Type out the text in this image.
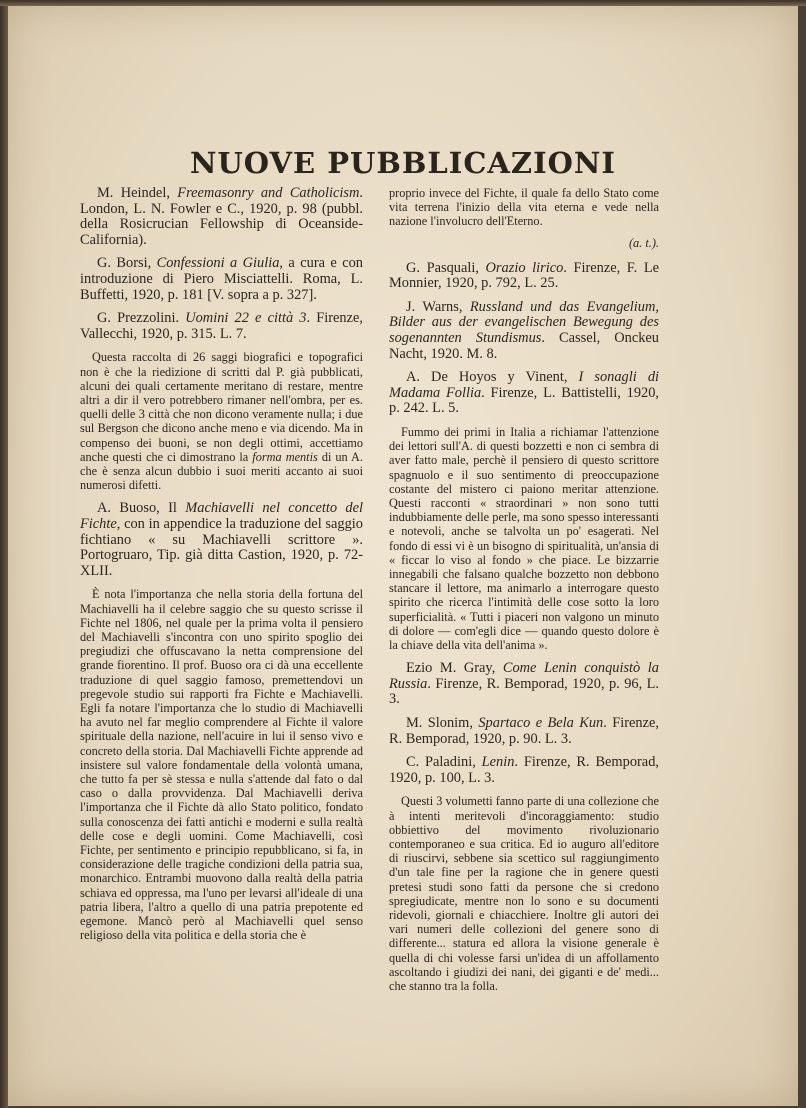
NUOVE PUBBLICAZIONI

M. Heindel, Freemasonry and Catholicism. London, L. N. Fowler e C., 1920, p. 98 (pubbl. della Rosicrucian Fellowship di Oceanside-California).

G. Borsi, Confessioni a Giulia, a cura e con introduzione di Piero Misciattelli. Roma, L. Buffetti, 1920, p. 181 [V. sopra a p. 327].

G. Prezzolini. Uomini 22 e città 3. Firenze, Vallecchi, 1920, p. 315. L. 7.

Questa raccolta di 26 saggi biografici e topografici non è che la riedizione di scritti dal P. già pubblicati, alcuni dei quali certamente meritano di restare, mentre altri a dir il vero potrebbero rimaner nell'ombra, per es. quelli delle 3 città che non dicono veramente nulla; i due sul Bergson che dicono anche meno e via dicendo. Ma in compenso dei buoni, se non degli ottimi, accettiamo anche questi che ci dimostrano la forma mentis di un A. che è senza alcun dubbio i suoi meriti accanto ai suoi numerosi difetti.

A. Buoso, Il Machiavelli nel concetto del Fichte, con in appendice la traduzione del saggio fichtiano « su Machiavelli scrittore ». Portogruaro, Tip. già ditta Castion, 1920, p. 72-XLII.

È nota l'importanza che nella storia della fortuna del Machiavelli ha il celebre saggio che su questo scrisse il Fichte nel 1806, nel quale per la prima volta il pensiero del Machiavelli s'incontra con uno spirito spoglio dei pregiudizi che offuscavano la netta comprensione del grande fiorentino. Il prof. Buoso ora ci dà una eccellente traduzione di quel saggio famoso, premettendovi un pregevole studio sui rapporti fra Fichte e Machiavelli. Egli fa notare l'importanza che lo studio di Machiavelli ha avuto nel far meglio comprendere al Fichte il valore spirituale della nazione, nell'acuire in lui il senso vivo e concreto della storia. Dal Machiavelli Fichte apprende ad insistere sul valore fondamentale della volontà umana, che tutto fa per sè stessa e nulla s'attende dal fato o dal caso o dalla provvidenza. Dal Machiavelli deriva l'importanza che il Fichte dà allo Stato politico, fondato sulla conoscenza dei fatti antichi e moderni e sulla realtà delle cose e degli uomini. Come Machiavelli, così Fichte, per sentimento e principio repubblicano, si fa, in considerazione delle tragiche condizioni della patria sua, monarchico. Entrambi muovono dalla realtà della patria schiava ed oppressa, ma l'uno per levarsi all'ideale di una patria libera, l'altro a quello di una patria prepotente ed egemone. Mancò però al Machiavelli quel senso religioso della vita politica e della storia che è

proprio invece del Fichte, il quale fa dello Stato come vita terrena l'inizio della vita eterna e vede nella nazione l'involucro dell'Eterno.

(a. t.).

G. Pasquali, Orazio lirico. Firenze, F. Le Monnier, 1920, p. 792, L. 25.

J. Warns, Russland und das Evangelium, Bilder aus der evangelischen Bewegung des sogenannten Stundismus. Cassel, Onckeu Nacht, 1920. M. 8.

A. De Hoyos y Vinent, I sonagli di Madama Follia. Firenze, L. Battistelli, 1920, p. 242. L. 5.

Fummo dei primi in Italia a richiamar l'attenzione dei lettori sull'A. di questi bozzetti e non ci sembra di aver fatto male, perchè il pensiero di questo scrittore spagnuolo e il suo sentimento di preoccupazione costante del mistero ci paiono meritar attenzione. Questi racconti « straordinari » non sono tutti indubbiamente delle perle, ma sono spesso interessanti e notevoli, anche se talvolta un po' esagerati. Nel fondo di essi vi è un bisogno di spiritualità, un'ansia di « ficcar lo viso al fondo » che piace. Le bizzarrie innegabili che falsano qualche bozzetto non debbono stancare il lettore, ma animarlo a interrogare questo spirito che ricerca l'intimità delle cose sotto la loro superficialità. « Tutti i piaceri non valgono un minuto di dolore — com'egli dice — quando questo dolore è la chiave della vita dell'anima ».

Ezio M. Gray, Come Lenin conquistò la Russia. Firenze, R. Bemporad, 1920, p. 96, L. 3.

M. Slonim, Spartaco e Bela Kun. Firenze, R. Bemporad, 1920, p. 90. L. 3.

C. Paladini, Lenin. Firenze, R. Bemporad, 1920, p. 100, L. 3.

Questi 3 volumetti fanno parte di una collezione che à intenti meritevoli d'incoraggiamento: studio obbiettivo del movimento rivoluzionario contemporaneo e sua critica. Ed io auguro all'editore di riuscirvi, sebbene sia scettico sul raggiungimento d'un tale fine per la ragione che in genere questi pretesi studi sono fatti da persone che si credono spregiudicate, mentre non lo sono e su documenti ridevoli, giornali e chiacchiere. Inoltre gli autori dei vari numeri delle collezioni del genere sono di differente... statura ed allora la visione generale è quella di chi volesse farsi un'idea di un affollamento ascoltando i giudizi dei nani, dei giganti e de' medi... che stanno tra la folla.
